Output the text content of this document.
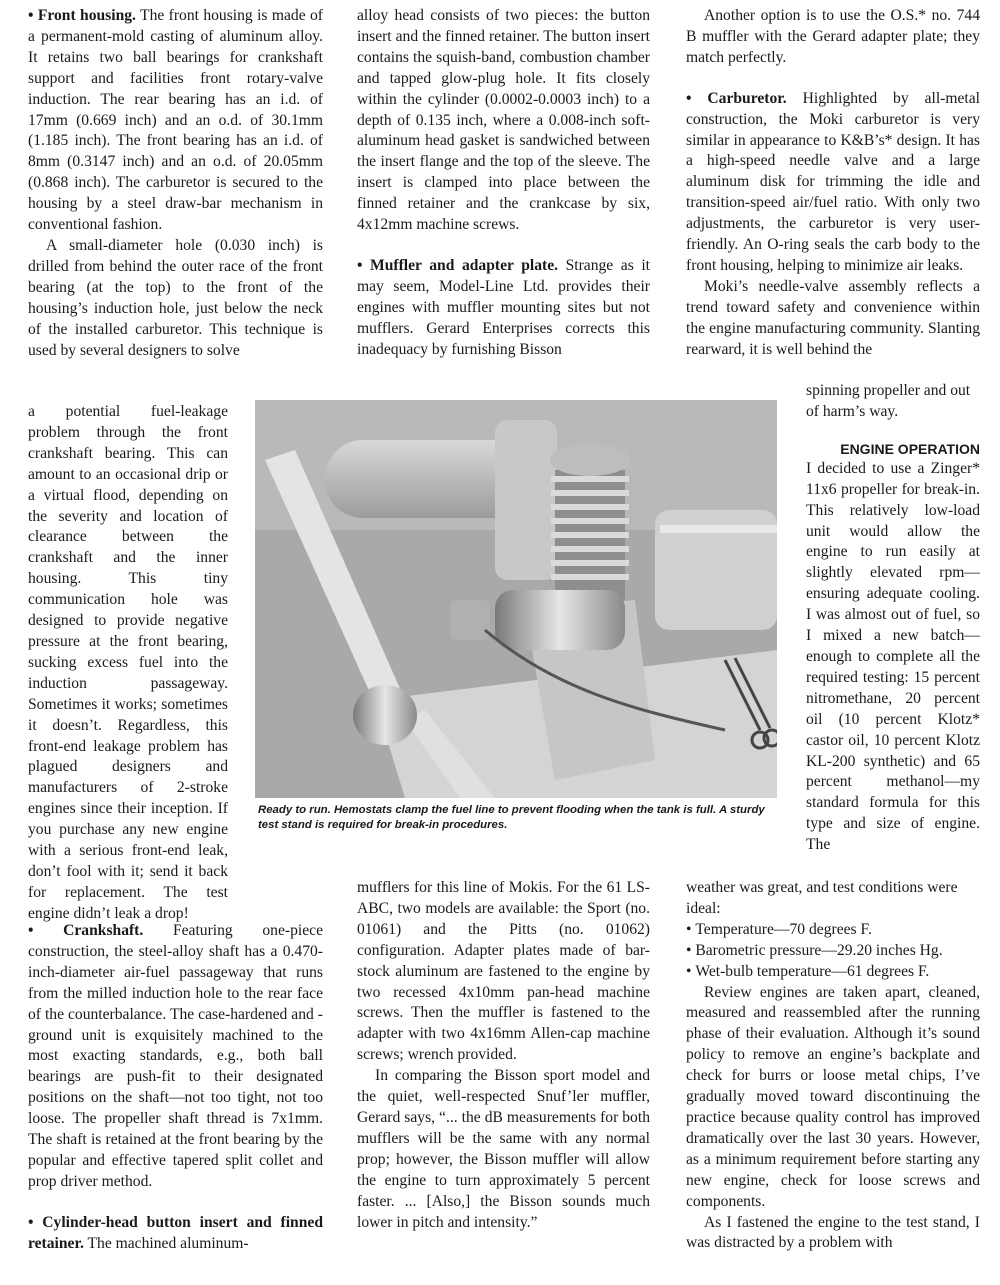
• Front housing. The front housing is made of a permanent-mold casting of aluminum alloy. It retains two ball bearings for crankshaft support and facilities front rotary-valve induction. The rear bearing has an i.d. of 17mm (0.669 inch) and an o.d. of 30.1mm (1.185 inch). The front bearing has an i.d. of 8mm (0.3147 inch) and an o.d. of 20.05mm (0.868 inch). The carburetor is secured to the housing by a steel draw-bar mechanism in conventional fashion.

A small-diameter hole (0.030 inch) is drilled from behind the outer race of the front bearing (at the top) to the front of the housing’s induction hole, just below the neck of the installed carburetor. This technique is used by several designers to solve

a potential fuel-leakage problem through the front crankshaft bearing. This can amount to an occasional drip or a virtual flood, depending on the severity and location of clearance between the crankshaft and the inner housing. This tiny communication hole was designed to provide negative pressure at the front bearing, sucking excess fuel into the induction passageway. Sometimes it works; sometimes it doesn’t. Regardless, this front-end leakage problem has plagued designers and manufacturers of 2-stroke engines since their inception. If you purchase any new engine with a serious front-end leak, don’t fool with it; send it back for replacement. The test engine didn’t leak a drop!

• Crankshaft. Featuring one-piece construction, the steel-alloy shaft has a 0.470-inch-diameter air-fuel passageway that runs from the milled induction hole to the rear face of the counterbalance. The case-hardened and -ground unit is exquisitely machined to the most exacting standards, e.g., both ball bearings are push-fit to their designated positions on the shaft—not too tight, not too loose. The propeller shaft thread is 7x1mm. The shaft is retained at the front bearing by the popular and effective tapered split collet and prop driver method.

• Cylinder-head button insert and finned retainer. The machined aluminum-

alloy head consists of two pieces: the button insert and the finned retainer. The button insert contains the squish-band, combustion chamber and tapped glow-plug hole. It fits closely within the cylinder (0.0002-0.0003 inch) to a depth of 0.135 inch, where a 0.008-inch soft-aluminum head gasket is sandwiched between the insert flange and the top of the sleeve. The insert is clamped into place between the finned retainer and the crankcase by six, 4x12mm machine screws.

• Muffler and adapter plate. Strange as it may seem, Model-Line Ltd. provides their engines with muffler mounting sites but not mufflers. Gerard Enterprises corrects this inadequacy by furnishing Bisson

mufflers for this line of Mokis. For the 61 LS-ABC, two models are available: the Sport (no. 01061) and the Pitts (no. 01062) configuration. Adapter plates made of bar-stock aluminum are fastened to the engine by two recessed 4x10mm pan-head machine screws. Then the muffler is fastened to the adapter with two 4x16mm Allen-cap machine screws; wrench provided.

In comparing the Bisson sport model and the quiet, well-respected Snuf’ler muffler, Gerard says, “... the dB measurements for both mufflers will be the same with any normal prop; however, the Bisson muffler will allow the engine to turn approximately 5 percent faster. ... [Also,] the Bisson sounds much lower in pitch and intensity.”

Another option is to use the O.S.* no. 744 B muffler with the Gerard adapter plate; they match perfectly.

• Carburetor. Highlighted by all-metal construction, the Moki carburetor is very similar in appearance to K&B’s* design. It has a high-speed needle valve and a large aluminum disk for trimming the idle and transition-speed air/fuel ratio. With only two adjustments, the carburetor is very user-friendly. An O-ring seals the carb body to the front housing, helping to minimize air leaks.

Moki’s needle-valve assembly reflects a trend toward safety and convenience within the engine manufacturing community. Slanting rearward, it is well behind the

spinning propeller and out of harm’s way.

ENGINE OPERATION

I decided to use a Zinger* 11x6 propeller for break-in. This relatively low-load unit would allow the engine to run easily at slightly elevated rpm—ensuring adequate cooling. I was almost out of fuel, so I mixed a new batch—enough to complete all the required testing: 15 percent nitromethane, 20 percent oil (10 percent Klotz* castor oil, 10 percent Klotz KL-200 synthetic) and 65 percent methanol—my standard formula for this type and size of engine. The

weather was great, and test conditions were ideal:

• Temperature—70 degrees F.
• Barometric pressure—29.20 inches Hg.
• Wet-bulb temperature—61 degrees F.

Review engines are taken apart, cleaned, measured and reassembled after the running phase of their evaluation. Although it’s sound policy to remove an engine’s backplate and check for burrs or loose metal chips, I’ve gradually moved toward discontinuing the practice because quality control has improved dramatically over the last 30 years. However, as a minimum requirement before starting any new engine, check for loose screws and components.

As I fastened the engine to the test stand, I was distracted by a problem with

Ready to run. Hemostats clamp the fuel line to prevent flooding when the tank is full. A sturdy test stand is required for break-in procedures.
